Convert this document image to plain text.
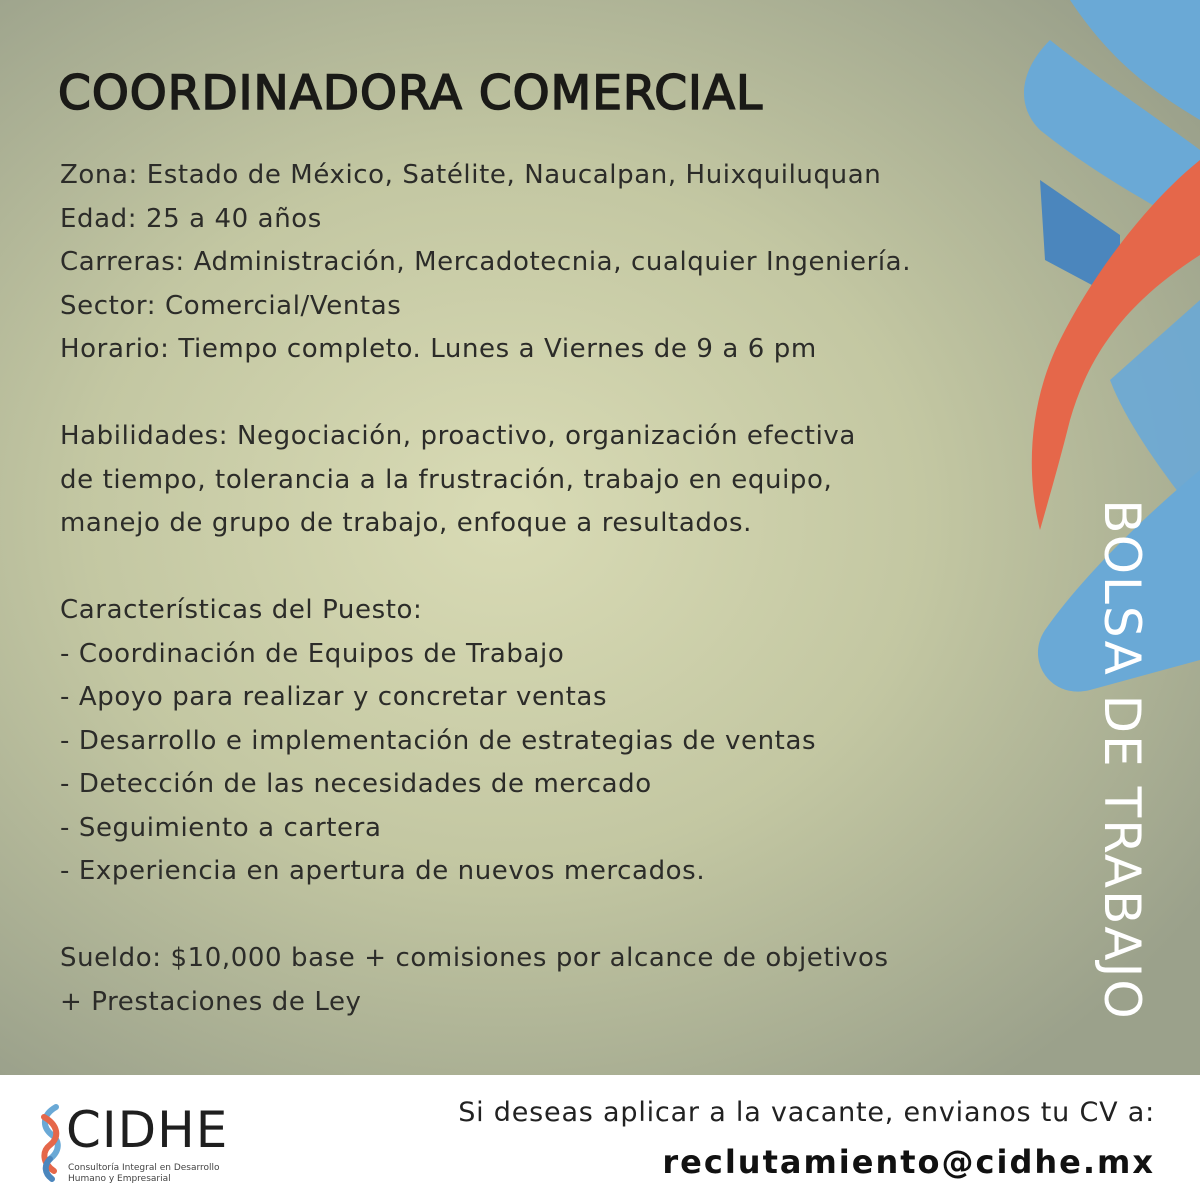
COORDINADORA COMERCIAL
Zona: Estado de México, Satélite, Naucalpan, Huixquiluquan
Edad: 25 a 40 años
Carreras: Administración, Mercadotecnia, cualquier Ingeniería.
Sector: Comercial/Ventas
Horario: Tiempo completo. Lunes a Viernes de 9 a 6 pm
Habilidades: Negociación, proactivo, organización efectiva
de tiempo, tolerancia a la frustración, trabajo en equipo,
manejo de grupo de trabajo, enfoque a resultados.
Características del Puesto:
- Coordinación de Equipos de Trabajo
- Apoyo para realizar y concretar ventas
- Desarrollo e implementación de estrategias de ventas
- Detección de las necesidades de mercado
- Seguimiento a cartera
- Experiencia en apertura de nuevos mercados.
Sueldo: $10,000 base + comisiones por alcance de objetivos
+ Prestaciones de Ley	BOLSA DE TRABAJO
CIDHE
Consultoría Integral en Desarrollo
Humano y Empresarial
Si deseas aplicar a la vacante, envianos tu CV a:
reclutamiento@cidhe.mx
